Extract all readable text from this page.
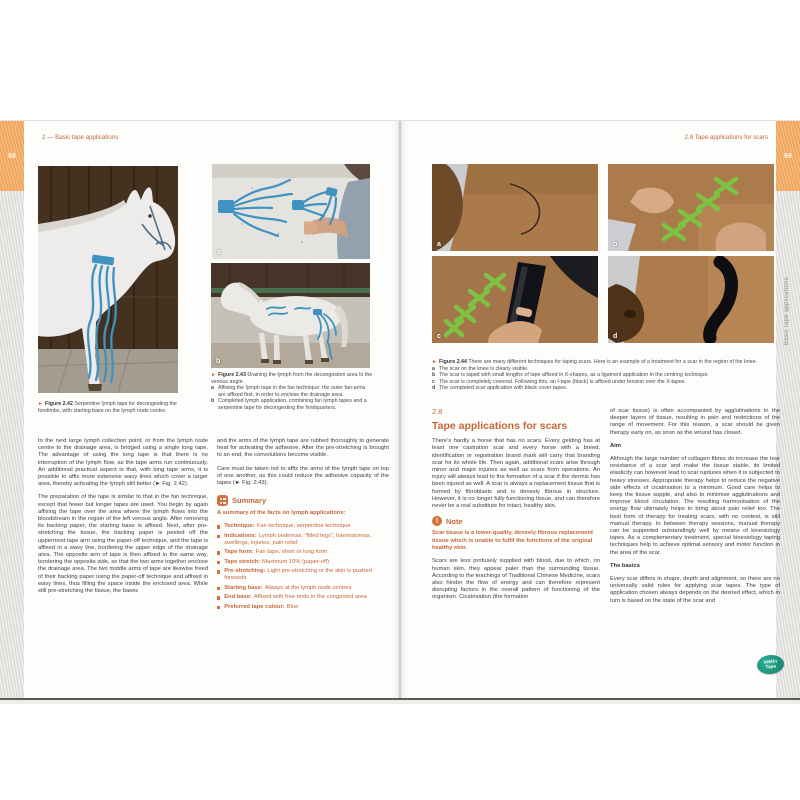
68	69
Basic tape applications
2 — Basic tape applications

► Figure 2.42 Serpentine lymph tape for decongesting the forelimbs, with starting base on the lymph node centre.

a
b

► Figure 2.43 Draining the lymph from the decongestion area to the venous angle.

a Affixing the lymph tape in the fan technique: the outer fan-arms are affixed first, in order to enclose the drainage area.
b Completed lymph application, combining fan lymph tapes and a serpentine tape for decongesting the hindquarters.

to the next large lymph collection point, or from the lymph node centre to the drainage area, is bridged using a single long tape. The advantage of using the long tape is that there is no interruption of the lymph flow, as the tape arms run continuously. An additional practical aspect is that, with long tape arms, it is possible to affix more extensive wavy lines which cover a larger area, thereby activating the lymph still better (► Fig. 2.42).

The preparation of the tape is similar to that in the fan technique, except that fewer but longer tapes are used. You begin by again affixing the tape over the area where the lymph flows into the bloodstream in the region of the left venous angle. After removing its backing paper, the starting base is affixed. Next, after pre-stretching the tissue, the backing paper is peeled off the uppermost tape arm using the paper-off technique, and the tape is affixed in a wavy line, bordering the upper edge of the drainage area. The opposite arm of tape is then affixed in the same way, bordering the opposite side, so that the two arms together enclose the drainage area. The two middle arms of tape are likewise freed of their backing paper using the paper-off technique and affixed in wavy lines, thus filling the space inside the enclosed area. While still pre-stretching the tissue, the bases

and the arms of the lymph tape are rubbed thoroughly to generate heat for activating the adhesive. After the pre-stretching is brought to an end, the convolutions become visible.

Care must be taken not to affix the arms of the lymph tape on top of one another, as this could reduce the adhesive capacity of the tapes (► Fig. 2.43).

Summary

A summary of the facts on lymph applications:

Technique: Fan technique, serpentine technique

Indications: Lymph oedemas, "filled legs", haematomas, swellings, injuries, pain relief

Tape form: Fan tape, short or long form

Tape stretch: Maximum 10% (paper-off)

Pre-stretching: Light pre-stretching or the skin is pushed forwards

Starting base: Always at the lymph node centres

End base: Affixed with free ends in the congested area

Preferred tape colour: Blue

2.8 Tape applications for scars
a	b
c	d

► Figure 2.44 There are many different techniques for taping scars. Here is an example of a treatment for a scar in the region of the knee.

a The scar on the knee is clearly visible.
b The scar is taped with small lengths of tape affixed in X-shapes, as a ligament application in the centring technique.
c The scar is completely covered. Following this, an I-tape (black) is affixed under tension over the X-tapes.
d The completed scar application with black cover tapes.

2.8

Tape applications for scars

There's hardly a horse that has no scars. Every gelding has at least one castration scar and every horse with a breed, identification or registration brand mark will carry that branding scar for its whole life. Then again, additional scars arise through minor and major injuries as well as scars from operations. An injury will always lead to the formation of a scar if the dermis has been injured as well. A scar is always a replacement tissue that is formed by fibroblasts and is densely fibrous in structure. However, it is no longer fully functioning tissue, and can therefore never be a real substitute for intact, healthy skin.

!	Note

Scar tissue is a lower-quality, densely fibrous replacement tissue which is unable to fulfil the functions of the original healthy skin.

Scars are less profusely supplied with blood, due to which, on human skin, they appear paler than the surrounding tissue. According to the teachings of Traditional Chinese Medicine, scars also hinder the flow of energy and can therefore represent disrupting factors in the overall pattern of functioning of the organism. Cicatrisation (the formation

of scar tissue) is often accompanied by agglutinations in the deeper layers of tissue, resulting in pain and restrictions of the range of movement. For this reason, a scar should be given therapy early on, as soon as the wound has closed.

Aim

Although the large number of collagen fibres do increase the tear resistance of a scar and make the tissue stable, its limited elasticity can however lead to scar ruptures when it is subjected to heavy stresses. Appropriate therapy helps to reduce the negative side effects of cicatrisation to a minimum. Good care helps to keep the tissue supple, and also to minimise agglutinations and improve blood circulation. The resulting harmonisation of the energy flow ultimately helps to bring about pain relief too. The best form of therapy for treating scars, with no contest, is still manual therapy. In between therapy sessions, manual therapy can be supported outstandingly well by means of kinesiology tapes. As a complementary treatment, special kinesiology taping techniques help to achieve optimal sensory and motor function in the area of the scar.

The basics

Every scar differs in shape, depth and alignment, so there are no universally valid rules for applying scar tapes. The type of application chosen always depends on the desired effect, which in turn is based on the state of the scar and

Vetkin
Tape
